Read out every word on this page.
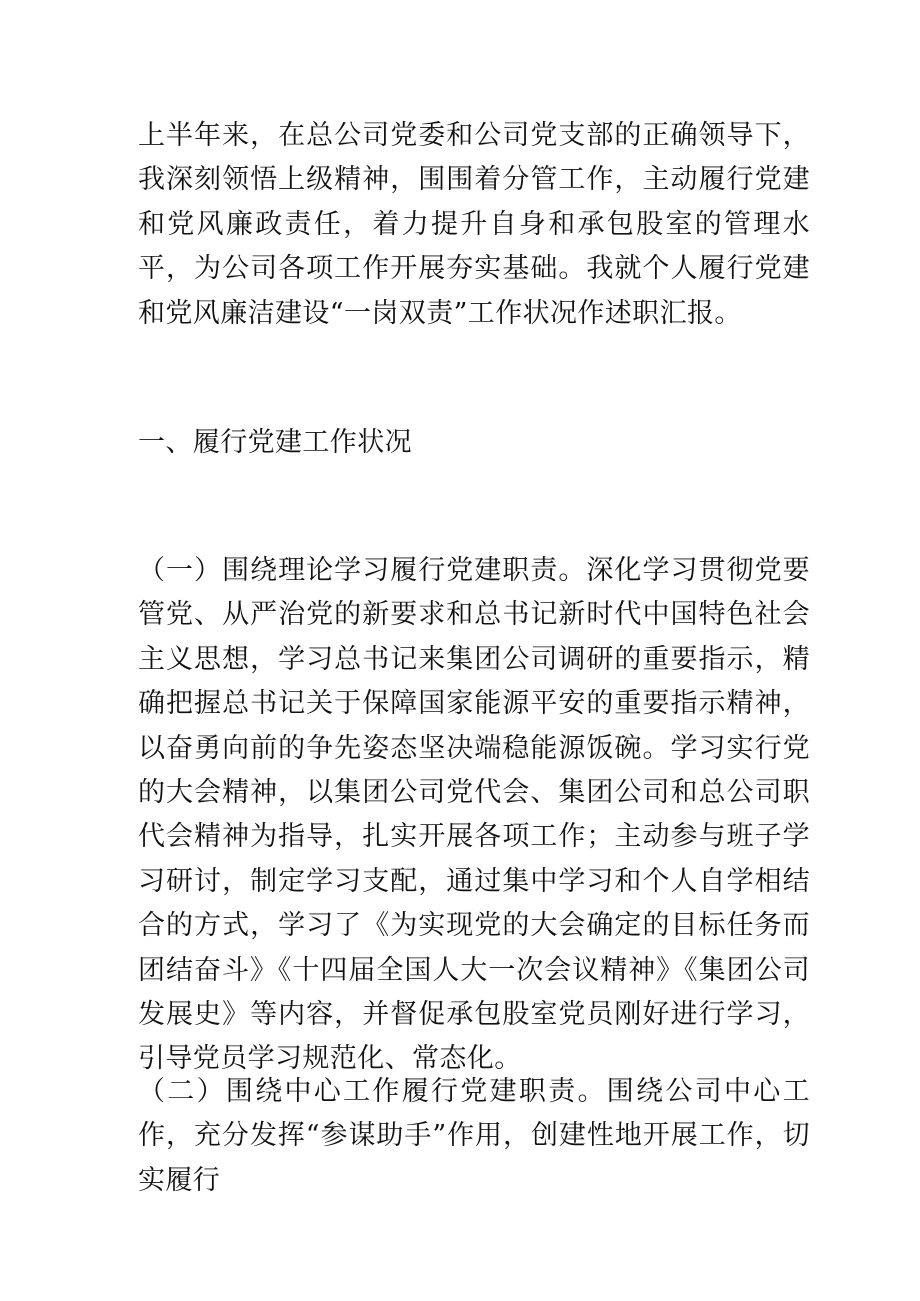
上半年来，在总公司党委和公司党支部的正确领导下，我深刻领悟上级精神，围围着分管工作，主动履行党建和党风廉政责任，着力提升自身和承包股室的管理水平，为公司各项工作开展夯实基础。我就个人履行党建和党风廉洁建设“一岗双责”工作状况作述职汇报。

一、履行党建工作状况

（一）围绕理论学习履行党建职责。深化学习贯彻党要管党、从严治党的新要求和总书记新时代中国特色社会主义思想，学习总书记来集团公司调研的重要指示，精确把握总书记关于保障国家能源平安的重要指示精神，以奋勇向前的争先姿态坚决端稳能源饭碗。学习实行党的大会精神，以集团公司党代会、集团公司和总公司职代会精神为指导，扎实开展各项工作；主动参与班子学习研讨，制定学习支配，通过集中学习和个人自学相结合的方式，学习了《为实现党的大会确定的目标任务而团结奋斗》《十四届全国人大一次会议精神》《集团公司发展史》等内容，并督促承包股室党员刚好进行学习，引导党员学习规范化、常态化。

（二）围绕中心工作履行党建职责。围绕公司中心工作，充分发挥“参谋助手”作用，创建性地开展工作，切实履行
